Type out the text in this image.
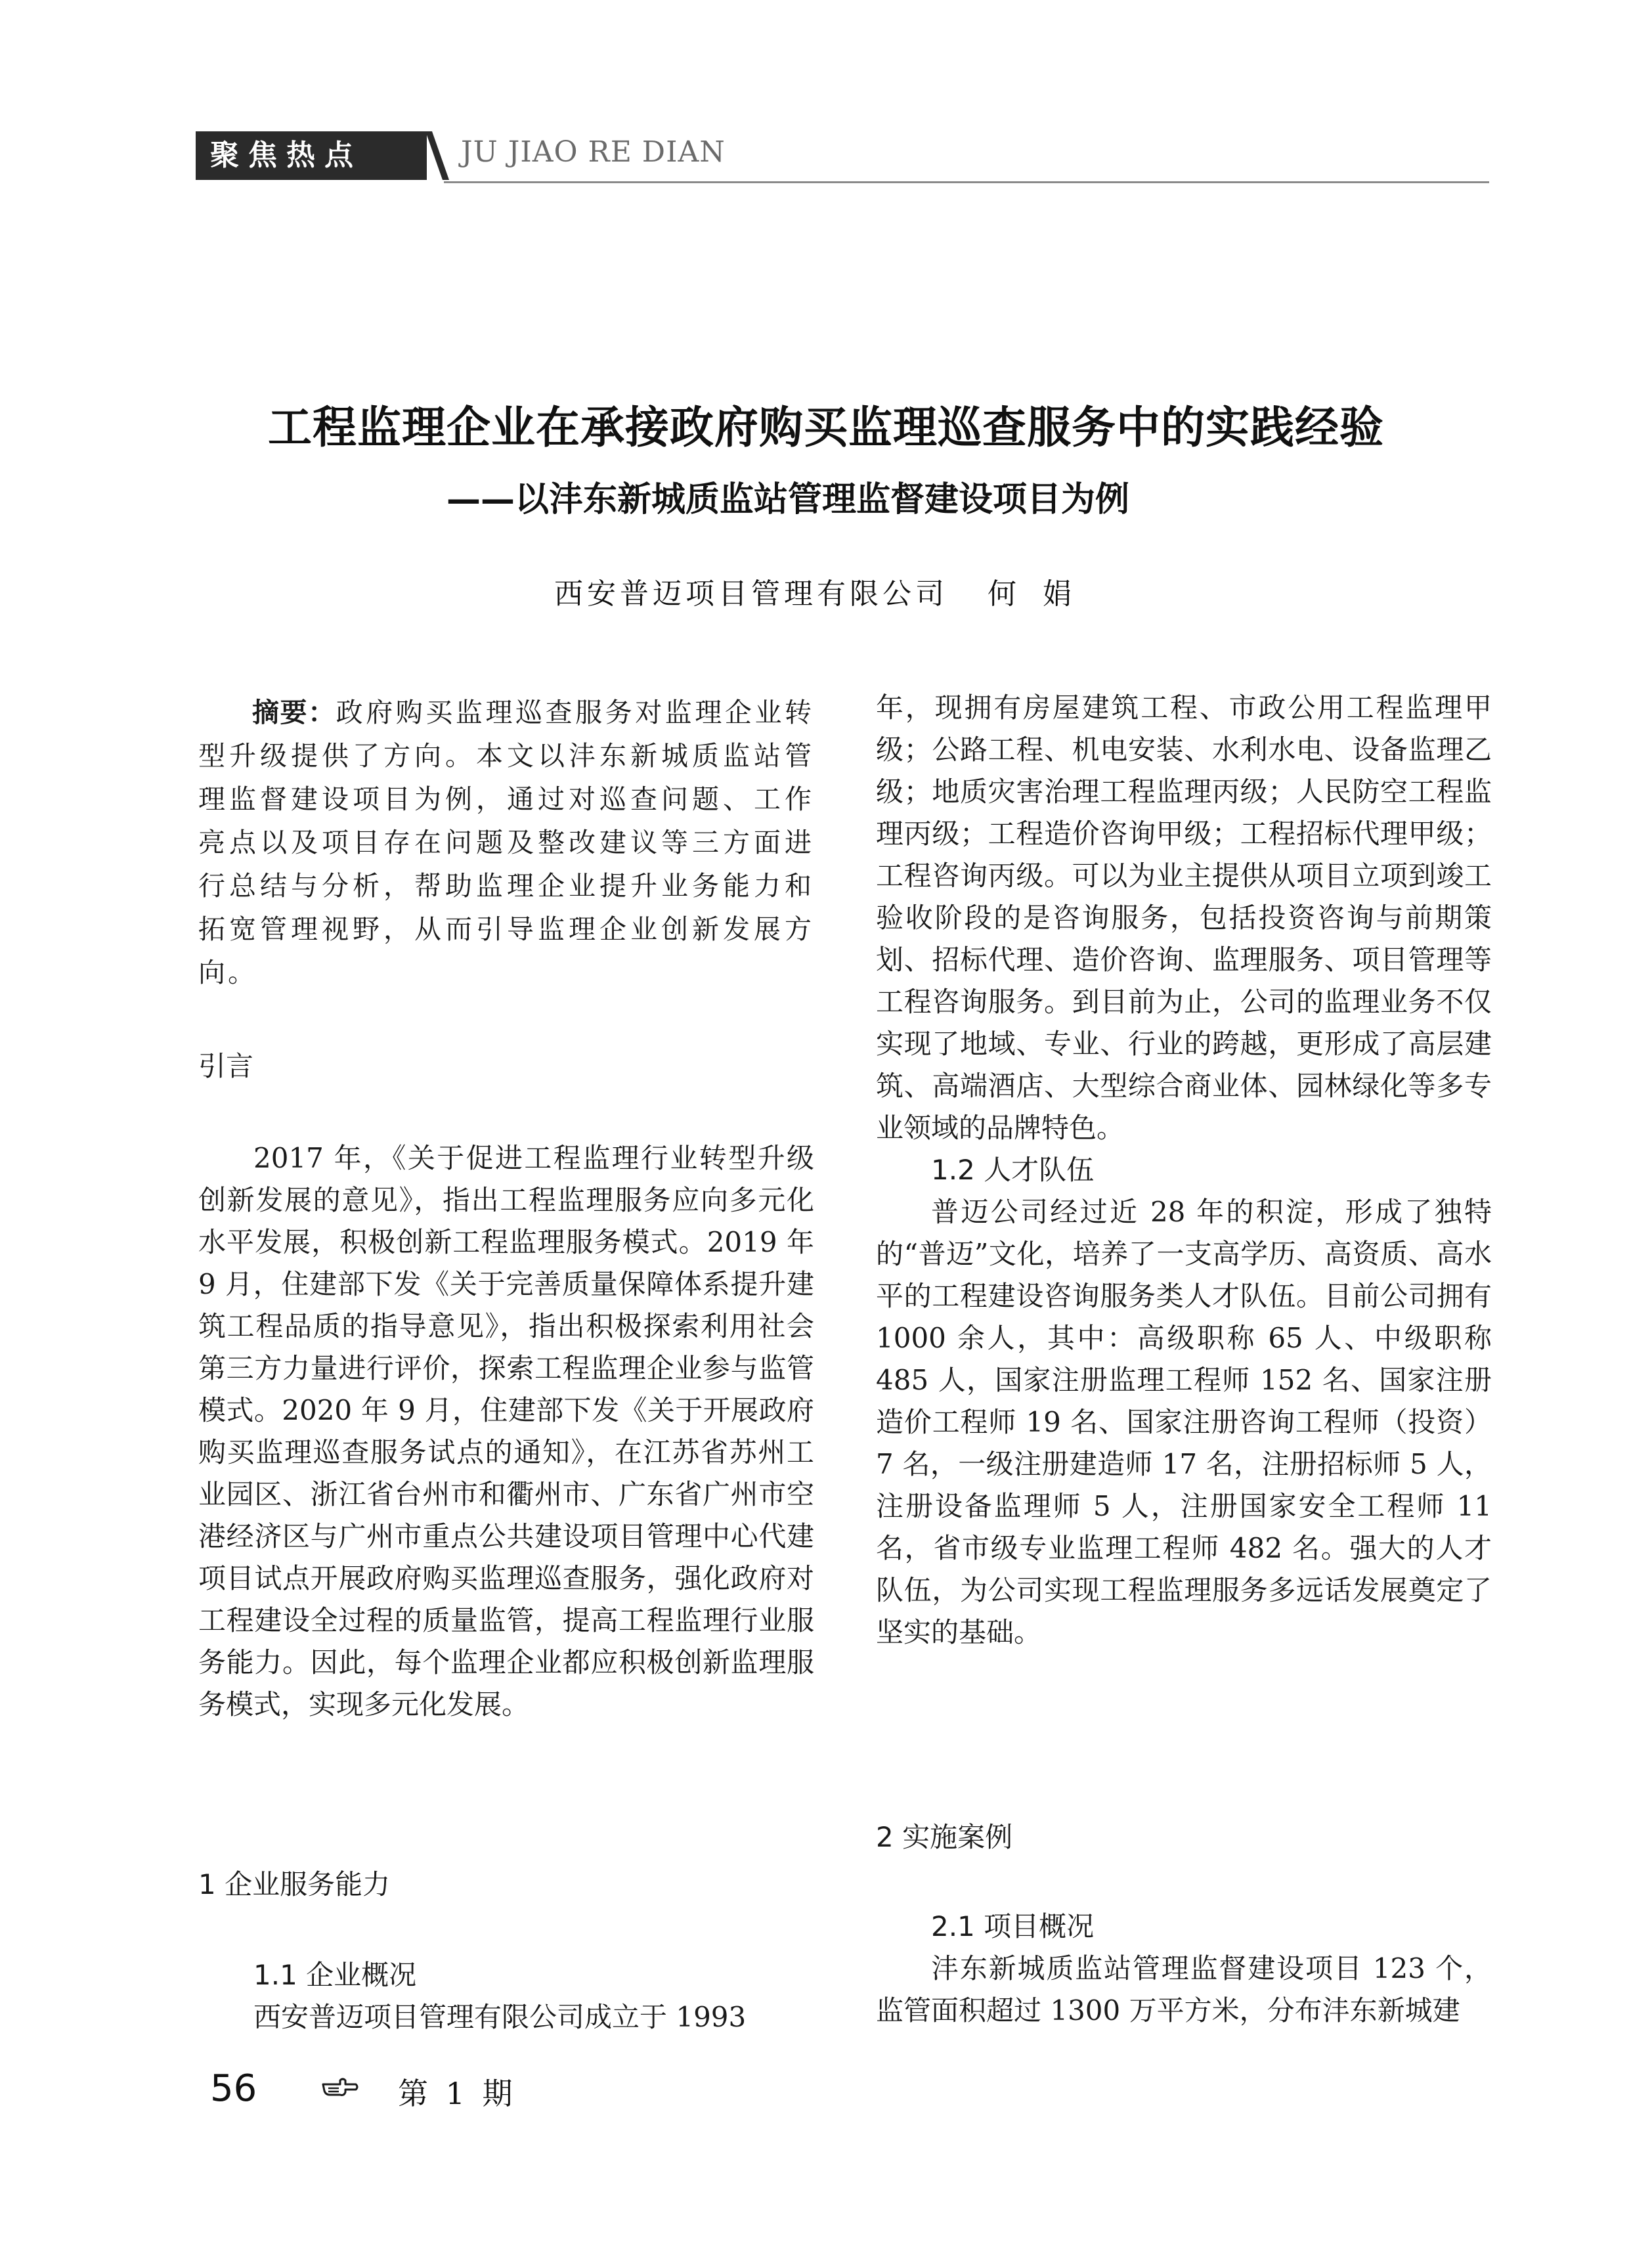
聚焦热点	JU JIAO RE DIAN
工程监理企业在承接政府购买监理巡查服务中的实践经验
——以沣东新城质监站管理监督建设项目为例
西安普迈项目管理有限公司 何娟

摘要：政府购买监理巡查服务对监理企业转型升级提供了方向。本文以沣东新城质监站管理监督建设项目为例，通过对巡查问题、工作亮点以及项目存在问题及整改建议等三方面进行总结与分析，帮助监理企业提升业务能力和拓宽管理视野，从而引导监理企业创新发展方向。

引言

2017 年，《关于促进工程监理行业转型升级创新发展的意见》，指出工程监理服务应向多元化水平发展，积极创新工程监理服务模式。2019 年 9 月，住建部下发《关于完善质量保障体系提升建筑工程品质的指导意见》，指出积极探索利用社会第三方力量进行评价，探索工程监理企业参与监管模式。2020 年 9 月，住建部下发《关于开展政府购买监理巡查服务试点的通知》，在江苏省苏州工业园区、浙江省台州市和衢州市、广东省广州市空港经济区与广州市重点公共建设项目管理中心代建项目试点开展政府购买监理巡查服务，强化政府对工程建设全过程的质量监管，提高工程监理行业服务能力。因此，每个监理企业都应积极创新监理服务模式，实现多元化发展。

1 企业服务能力

1.1 企业概况

西安普迈项目管理有限公司成立于 1993

年，现拥有房屋建筑工程、市政公用工程监理甲级；公路工程、机电安装、水利水电、设备监理乙级；地质灾害治理工程监理丙级；人民防空工程监理丙级；工程造价咨询甲级；工程招标代理甲级；工程咨询丙级。可以为业主提供从项目立项到竣工验收阶段的是咨询服务，包括投资咨询与前期策划、招标代理、造价咨询、监理服务、项目管理等工程咨询服务。到目前为止，公司的监理业务不仅实现了地域、专业、行业的跨越，更形成了高层建筑、高端酒店、大型综合商业体、园林绿化等多专业领域的品牌特色。

1.2 人才队伍

普迈公司经过近 28 年的积淀，形成了独特的“普迈”文化，培养了一支高学历、高资质、高水平的工程建设咨询服务类人才队伍。目前公司拥有 1000 余人，其中：高级职称 65 人、中级职称 485 人，国家注册监理工程师 152 名、国家注册造价工程师 19 名、国家注册咨询工程师（投资）7 名，一级注册建造师 17 名，注册招标师 5 人，注册设备监理师 5 人，注册国家安全工程师 11 名，省市级专业监理工程师 482 名。强大的人才队伍，为公司实现工程监理服务多远话发展奠定了坚实的基础。

2 实施案例

2.1 项目概况

沣东新城质监站管理监督建设项目 123 个，监管面积超过 1300 万平方米，分布沣东新城建

56	第 1 期
